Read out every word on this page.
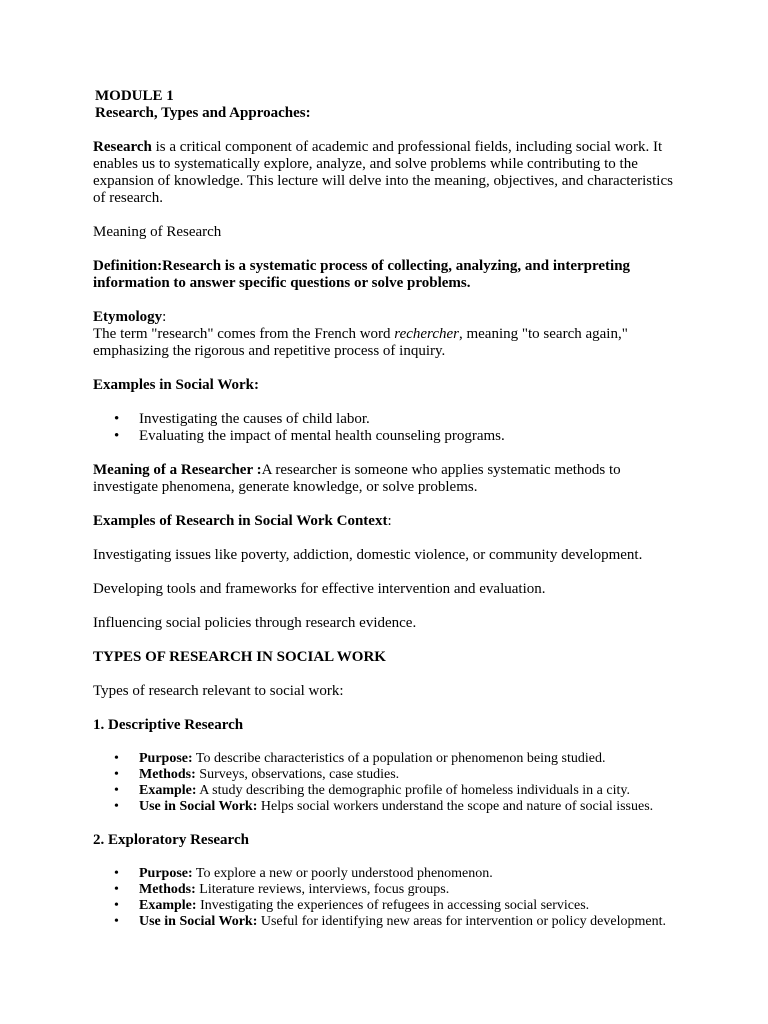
MODULE 1
Research, Types and Approaches:

Research is a critical component of academic and professional fields, including social work. It enables us to systematically explore, analyze, and solve problems while contributing to the expansion of knowledge. This lecture will delve into the meaning, objectives, and characteristics of research.

Meaning of Research

Definition:Research is a systematic process of collecting, analyzing, and interpreting information to answer specific questions or solve problems.

Etymology:

The term "research" comes from the French word rechercher, meaning "to search again," emphasizing the rigorous and repetitive process of inquiry.

Examples in Social Work:

• Investigating the causes of child labor.
• Evaluating the impact of mental health counseling programs.

Meaning of a Researcher :A researcher is someone who applies systematic methods to investigate phenomena, generate knowledge, or solve problems.

Examples of Research in Social Work Context:

Investigating issues like poverty, addiction, domestic violence, or community development.

Developing tools and frameworks for effective intervention and evaluation.

Influencing social policies through research evidence.

TYPES OF RESEARCH IN SOCIAL WORK

Types of research relevant to social work:

1. Descriptive Research

• Purpose: To describe characteristics of a population or phenomenon being studied.
• Methods: Surveys, observations, case studies.
• Example: A study describing the demographic profile of homeless individuals in a city.
• Use in Social Work: Helps social workers understand the scope and nature of social issues.

2. Exploratory Research

• Purpose: To explore a new or poorly understood phenomenon.
• Methods: Literature reviews, interviews, focus groups.
• Example: Investigating the experiences of refugees in accessing social services.
• Use in Social Work: Useful for identifying new areas for intervention or policy development.
